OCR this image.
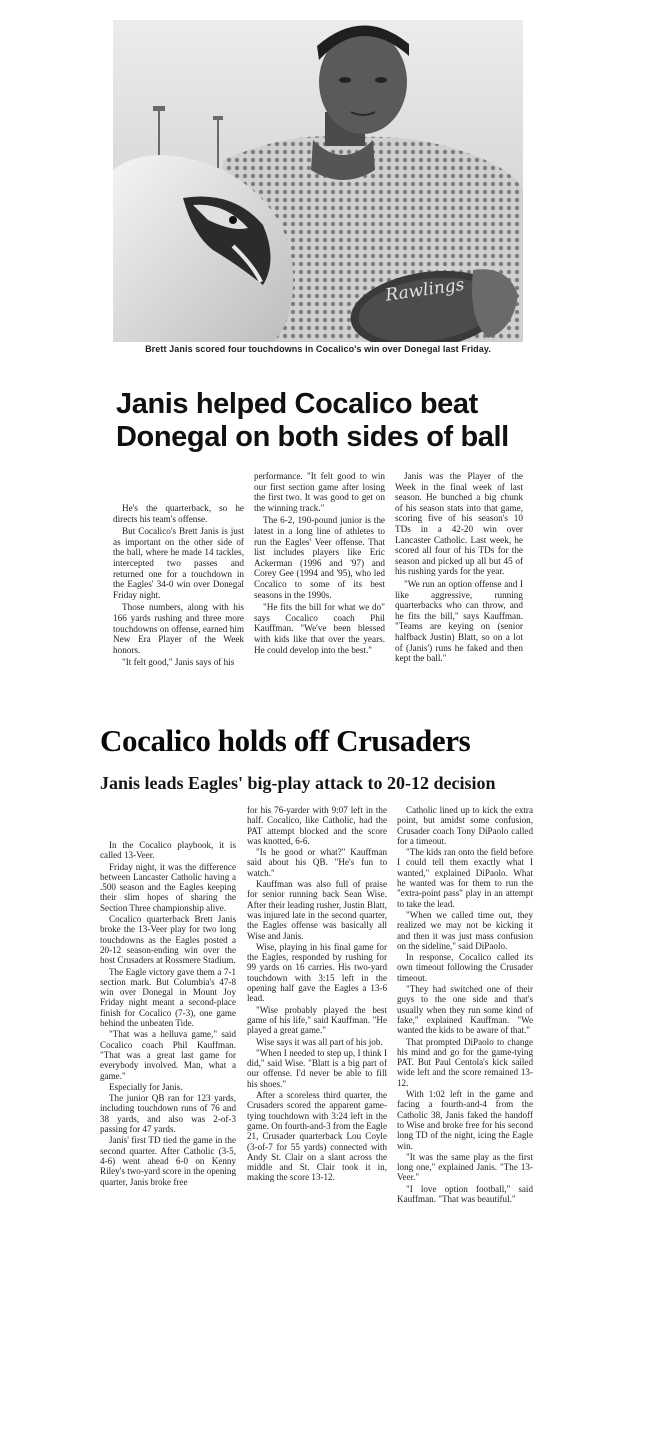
Rawlings
Brett Janis scored four touchdowns in Cocalico's win over Donegal last Friday.
Janis helped Cocalico beat
Donegal on both sides of ball

He's the quarterback, so he directs his team's offense.

But Cocalico's Brett Janis is just as important on the other side of the ball, where he made 14 tackles, intercepted two passes and returned one for a touchdown in the Eagles' 34-0 win over Donegal Friday night.

Those numbers, along with his 166 yards rushing and three more touchdowns on offense, earned him New Era Player of the Week honors.

"It felt good," Janis says of his

performance. "It felt good to win our first section game after losing the first two. It was good to get on the winning track."

The 6-2, 190-pound junior is the latest in a long line of athletes to run the Eagles' Veer offense. That list includes players like Eric Ackerman (1996 and '97) and Corey Gee (1994 and '95), who led Cocalico to some of its best seasons in the 1990s.

"He fits the bill for what we do" says Cocalico coach Phil Kauffman. "We've been blessed with kids like that over the years. He could develop into the best."

Janis was the Player of the Week in the final week of last season. He bunched a big chunk of his season stats into that game, scoring five of his season's 10 TDs in a 42-20 win over Lancaster Catholic. Last week, he scored all four of his TDs for the season and picked up all but 45 of his rushing yards for the year.

"We run an option offense and I like aggressive, running quarterbacks who can throw, and he fits the bill," says Kauffman. "Teams are keying on (senior halfback Justin) Blatt, so on a lot of (Janis') runs he faked and then kept the ball."

Cocalico holds off Crusaders
Janis leads Eagles' big-play attack to 20-12 decision

In the Cocalico playbook, it is called 13-Veer.

Friday night, it was the difference between Lancaster Catholic having a .500 season and the Eagles keeping their slim hopes of sharing the Section Three championship alive.

Cocalico quarterback Brett Janis broke the 13-Veer play for two long touchdowns as the Eagles posted a 20-12 season-ending win over the host Crusaders at Rossmere Stadium.

The Eagle victory gave them a 7-1 section mark. But Columbia's 47-8 win over Donegal in Mount Joy Friday night meant a second-place finish for Cocalico (7-3), one game behind the unbeaten Tide.

"That was a helluva game," said Cocalico coach Phil Kauffman. "That was a great last game for everybody involved. Man, what a game."

Especially for Janis.

The junior QB ran for 123 yards, including touchdown runs of 76 and 38 yards, and also was 2-of-3 passing for 47 yards.

Janis' first TD tied the game in the second quarter. After Catholic (3-5, 4-6) went ahead 6-0 on Kenny Riley's two-yard score in the opening quarter, Janis broke free

for his 76-yarder with 9:07 left in the half. Cocalico, like Catholic, had the PAT attempt blocked and the score was knotted, 6-6.

"Is he good or what?" Kauffman said about his QB. "He's fun to watch."

Kauffman was also full of praise for senior running back Sean Wise. After their leading rusher, Justin Blatt, was injured late in the second quarter, the Eagles offense was basically all Wise and Janis.

Wise, playing in his final game for the Eagles, responded by rushing for 99 yards on 16 carries. His two-yard touchdown with 3:15 left in the opening half gave the Eagles a 13-6 lead.

"Wise probably played the best game of his life," said Kauffman. "He played a great game."

Wise says it was all part of his job.

"When I needed to step up, I think I did," said Wise. "Blatt is a big part of our offense. I'd never be able to fill his shoes."

After a scoreless third quarter, the Crusaders scored the apparent game-tying touchdown with 3:24 left in the game. On fourth-and-3 from the Eagle 21, Crusader quarterback Lou Coyle (3-of-7 for 55 yards) connected with Andy St. Clair on a slant across the middle and St. Clair took it in, making the score 13-12.

Catholic lined up to kick the extra point, but amidst some confusion, Crusader coach Tony DiPaolo called for a timeout.

"The kids ran onto the field before I could tell them exactly what I wanted," explained DiPaolo. What he wanted was for them to run the "extra-point pass" play in an attempt to take the lead.

"When we called time out, they realized we may not be kicking it and then it was just mass confusion on the sideline," said DiPaolo.

In response, Cocalico called its own timeout following the Crusader timeout.

"They had switched one of their guys to the one side and that's usually when they run some kind of fake," explained Kauffman. "We wanted the kids to be aware of that."

That prompted DiPaolo to change his mind and go for the game-tying PAT. But Paul Centola's kick sailed wide left and the score remained 13-12.

With 1:02 left in the game and facing a fourth-and-4 from the Catholic 38, Janis faked the handoff to Wise and broke free for his second long TD of the night, icing the Eagle win.

"It was the same play as the first long one," explained Janis. "The 13-Veer."

"I love option football," said Kauffman. "That was beautiful."
